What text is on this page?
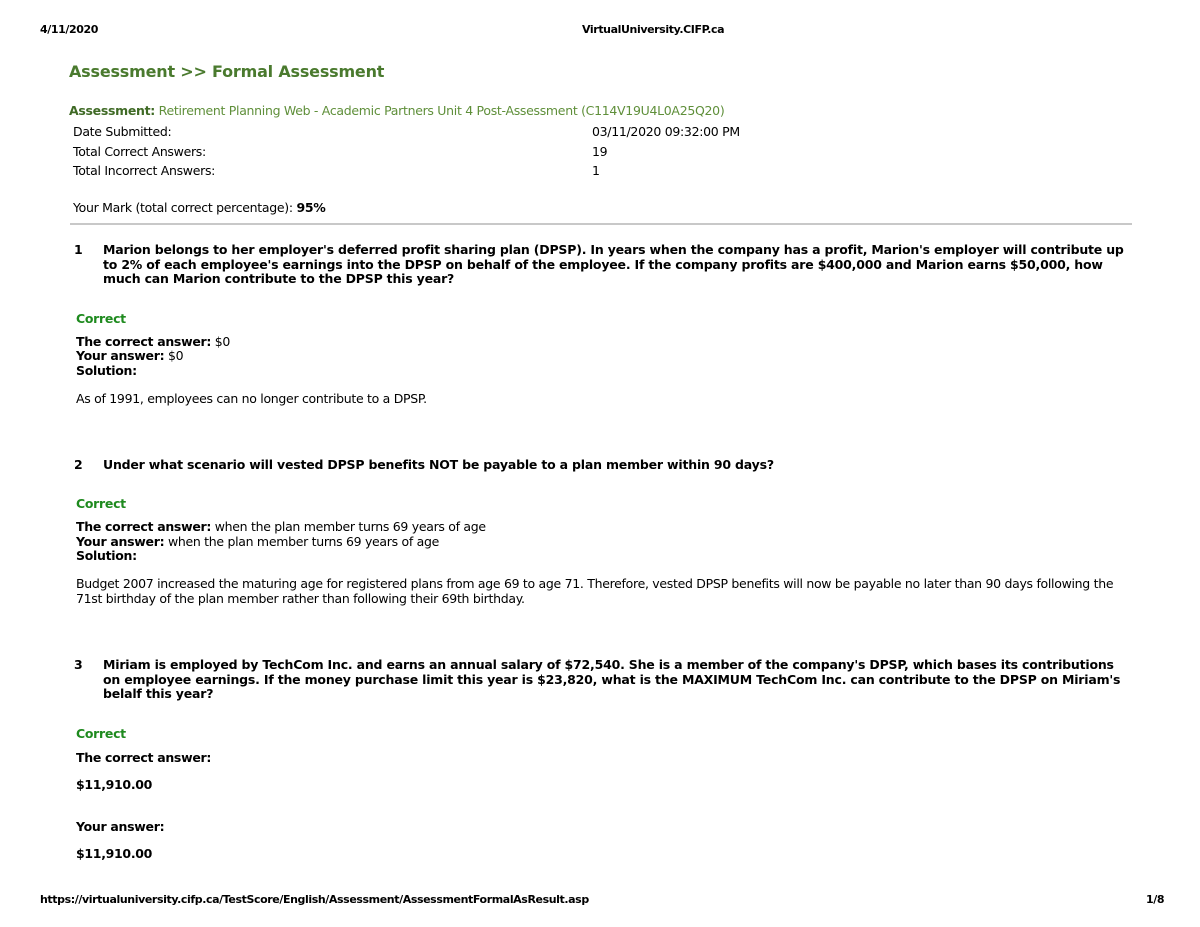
4/11/2020	VirtualUniversity.CIFP.ca
https://virtualuniversity.cifp.ca/TestScore/English/Assessment/AssessmentFormalAsResult.asp	1/8
Assessment >> Formal Assessment
Assessment: Retirement Planning Web - Academic Partners Unit 4 Post-Assessment (C114V19U4L0A25Q20)
Date Submitted:	03/11/2020 09:32:00 PM
Total Correct Answers:	19
Total Incorrect Answers:	1
Your Mark (total correct percentage): 95%
1 Marion belongs to her employer's deferred profit sharing plan (DPSP). In years when the company has a profit, Marion's employer will contribute up to 2% of each employee's earnings into the DPSP on behalf of the employee. If the company profits are $400,000 and Marion earns $50,000, how much can Marion contribute to the DPSP this year?
Correct
The correct answer: $0
Your answer: $0
Solution:
As of 1991, employees can no longer contribute to a DPSP.
2 Under what scenario will vested DPSP benefits NOT be payable to a plan member within 90 days?
Correct
The correct answer: when the plan member turns 69 years of age
Your answer: when the plan member turns 69 years of age
Solution:
Budget 2007 increased the maturing age for registered plans from age 69 to age 71. Therefore, vested DPSP benefits will now be payable no later than 90 days following the 71st birthday of the plan member rather than following their 69th birthday.
3 Miriam is employed by TechCom Inc. and earns an annual salary of $72,540. She is a member of the company's DPSP, which bases its contributions on employee earnings. If the money purchase limit this year is $23,820, what is the MAXIMUM TechCom Inc. can contribute to the DPSP on Miriam's belalf this year?
Correct
The correct answer:
$11,910.00
Your answer:
$11,910.00
